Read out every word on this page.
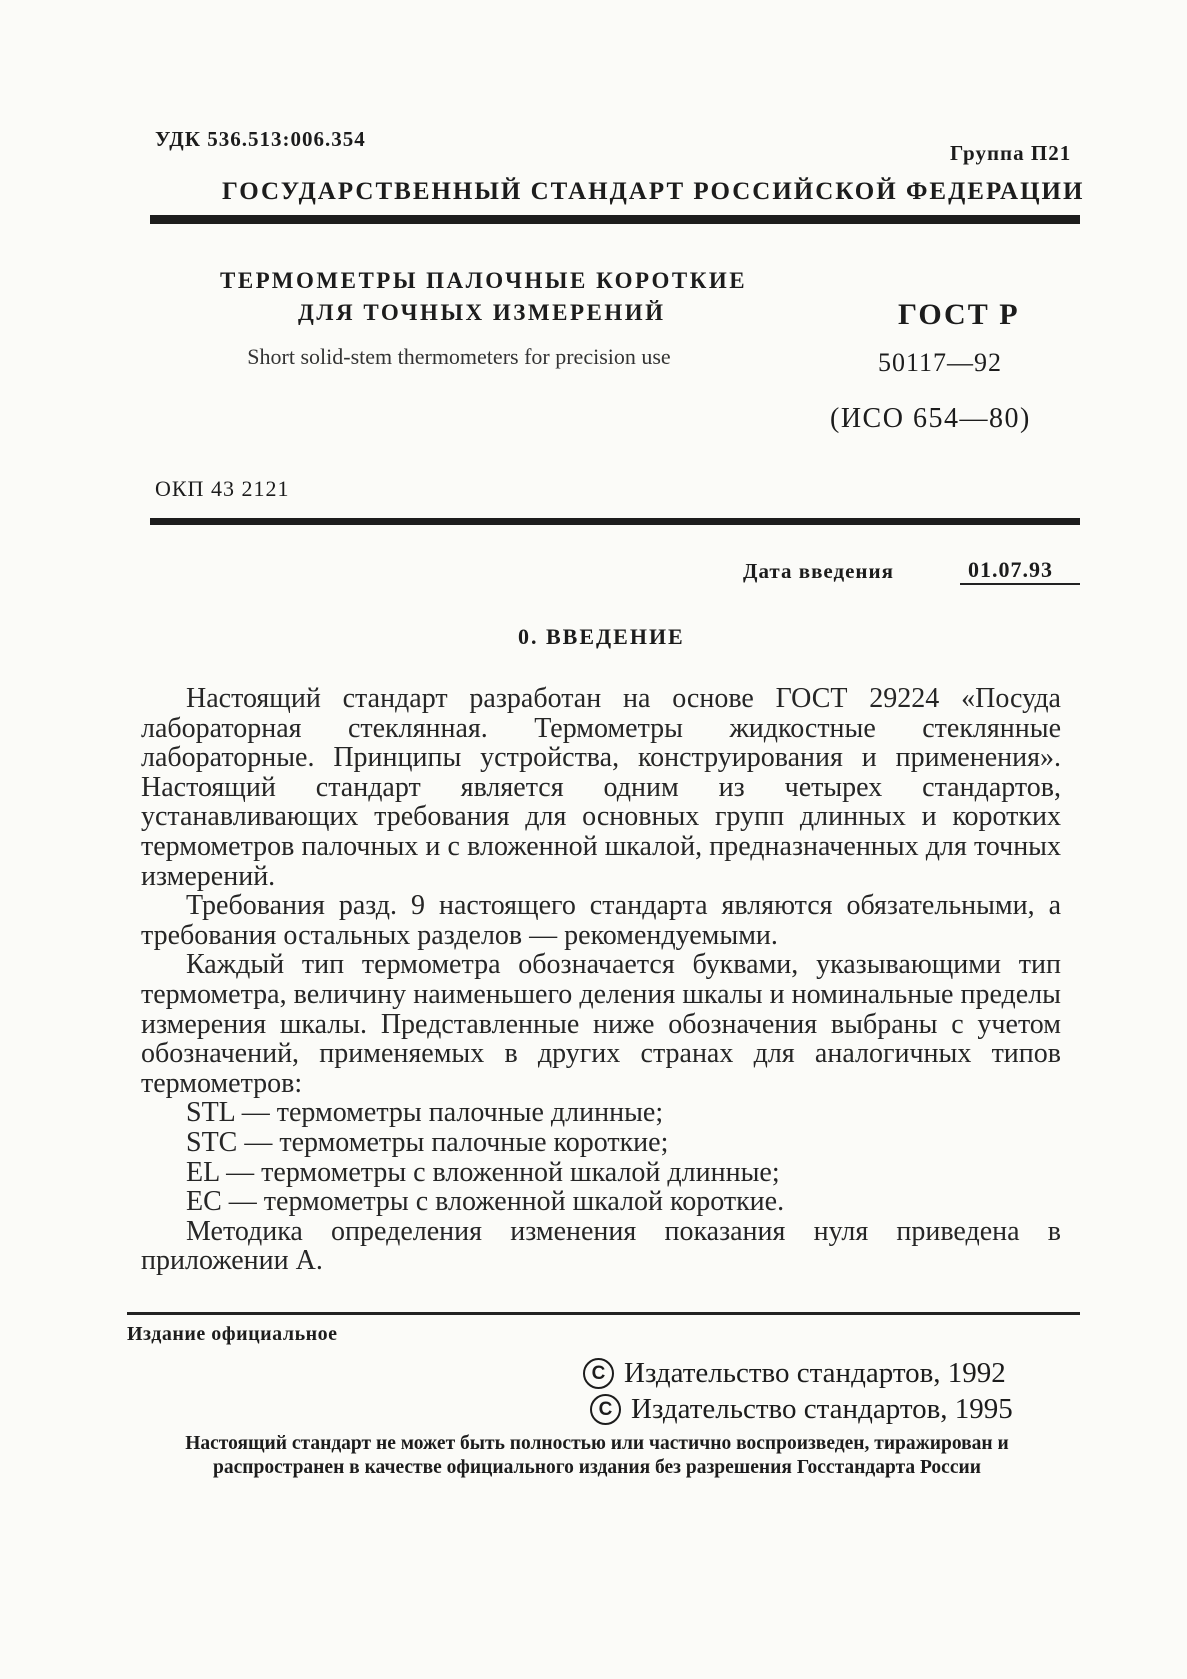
УДК 536.513:006.354
Группа П21
ГОСУДАРСТВЕННЫЙ СТАНДАРТ РОССИЙСКОЙ ФЕДЕРАЦИИ
ТЕРМОМЕТРЫ ПАЛОЧНЫЕ КОРОТКИЕ
ДЛЯ ТОЧНЫХ ИЗМЕРЕНИЙ
Short solid-stem thermometers for precision use
ГОСТ Р
50117—92
(ИСО 654—80)
ОКП 43 2121
Дата введения	01.07.93
0. ВВЕДЕНИЕ

Настоящий стандарт разработан на основе ГОСТ 29224 «Посуда лабораторная стеклянная. Термометры жидкостные стеклянные лабораторные. Принципы устройства, конструирования и применения». Настоящий стандарт является одним из четырех стандартов, устанавливающих требования для основных групп длинных и коротких термометров палочных и с вложенной шкалой, предназначенных для точных измерений.

Требования разд. 9 настоящего стандарта являются обязательными, а требования остальных разделов — рекомендуемыми.

Каждый тип термометра обозначается буквами, указывающими тип термометра, величину наименьшего деления шкалы и номинальные пределы измерения шкалы. Представленные ниже обозначения выбраны с учетом обозначений, применяемых в других странах для аналогичных типов термометров:

STL — термометры палочные длинные;

STC — термометры палочные короткие;

EL — термометры с вложенной шкалой длинные;

EC — термометры с вложенной шкалой короткие.

Методика определения изменения показания нуля приведена в приложении А.

Издание официальное
C Издательство стандартов, 1992
C Издательство стандартов, 1995
Настоящий стандарт не может быть полностью или частично воспроизведен, тиражирован и распространен в качестве официального издания без разрешения Госстандарта России
